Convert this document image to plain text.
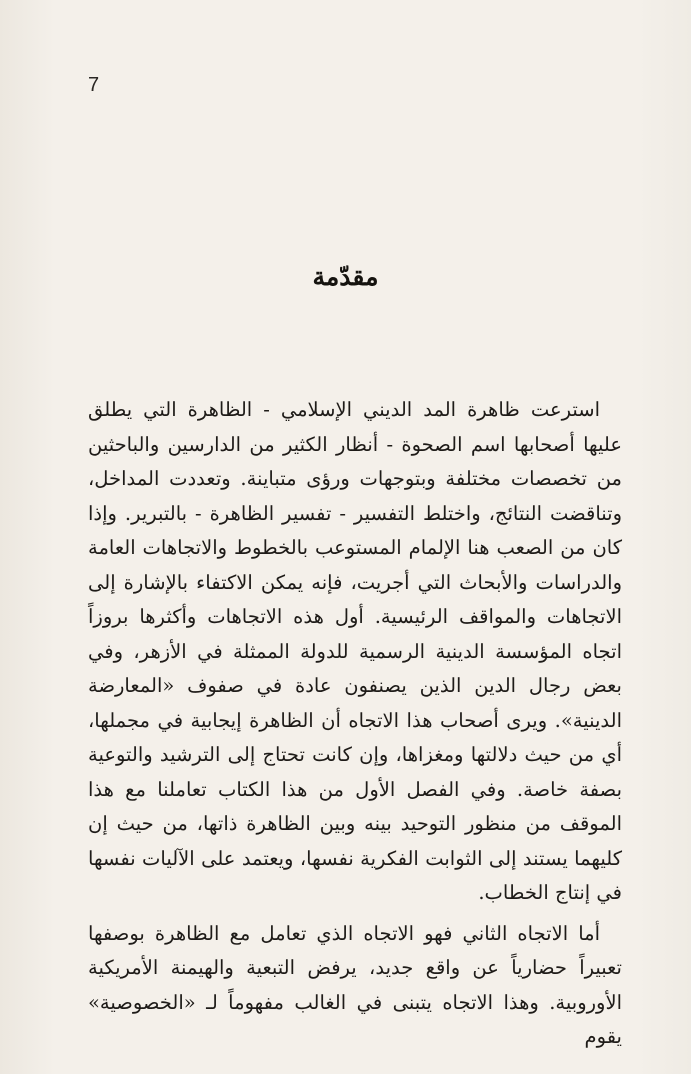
7
مقدّمة

استرعت ظاهرة المد الديني الإسلامي - الظاهرة التي يطلق عليها أصحابها اسم الصحوة - أنظار الكثير من الدارسين والباحثين من تخصصات مختلفة وبتوجهات ورؤى متباينة. وتعددت المداخل، وتناقضت النتائج، واختلط التفسير - تفسير الظاهرة - بالتبرير. وإذا كان من الصعب هنا الإلمام المستوعب بالخطوط والاتجاهات العامة والدراسات والأبحاث التي أجريت، فإنه يمكن الاكتفاء بالإشارة إلى الاتجاهات والمواقف الرئيسية. أول هذه الاتجاهات وأكثرها بروزاً اتجاه المؤسسة الدينية الرسمية للدولة الممثلة في الأزهر، وفي بعض رجال الدين الذين يصنفون عادة في صفوف «المعارضة الدينية». ويرى أصحاب هذا الاتجاه أن الظاهرة إيجابية في مجملها، أي من حيث دلالتها ومغزاها، وإن كانت تحتاج إلى الترشيد والتوعية بصفة خاصة. وفي الفصل الأول من هذا الكتاب تعاملنا مع هذا الموقف من منظور التوحيد بينه وبين الظاهرة ذاتها، من حيث إن كليهما يستند إلى الثوابت الفكرية نفسها، ويعتمد على الآليات نفسها في إنتاج الخطاب.

أما الاتجاه الثاني فهو الاتجاه الذي تعامل مع الظاهرة بوصفها تعبيراً حضارياً عن واقع جديد، يرفض التبعية والهيمنة الأمريكية الأوروبية. وهذا الاتجاه يتبنى في الغالب مفهوماً لـ «الخصوصية» يقوم
